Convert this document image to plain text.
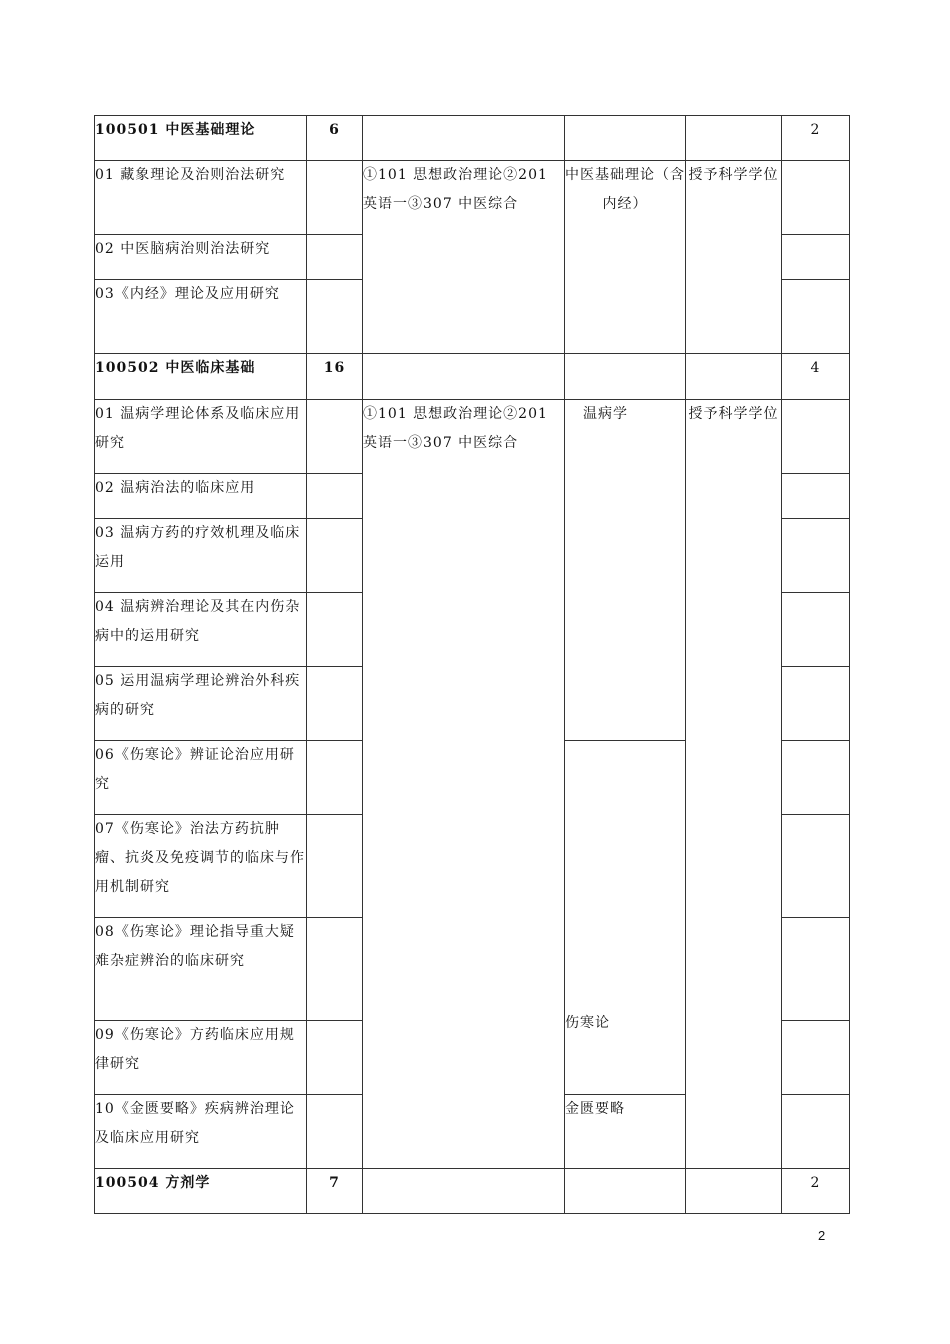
100501 中医基础理论	6				2
01 藏象理论及治则治法研究		①101 思想政治理论②201 英语一③307 中医综合	中医基础理论（含内经）	授予科学学位	
02 中医脑病治则治法研究					
03《内经》理论及应用研究					
100502 中医临床基础	16				4
01 温病学理论体系及临床应用研究		①101 思想政治理论②201 英语一③307 中医综合	温病学	授予科学学位	
02 温病治法的临床应用					
03 温病方药的疗效机理及临床运用					
04 温病辨治理论及其在内伤杂病中的运用研究					
05 运用温病学理论辨治外科疾病的研究					
06《伤寒论》辨证论治应用研究			伤寒论		
07《伤寒论》治法方药抗肿瘤、抗炎及免疫调节的临床与作用机制研究					
08《伤寒论》理论指导重大疑难杂症辨治的临床研究					
09《伤寒论》方药临床应用规律研究					
10《金匮要略》疾病辨治理论及临床应用研究			金匮要略		
100504 方剂学	7				2
2
